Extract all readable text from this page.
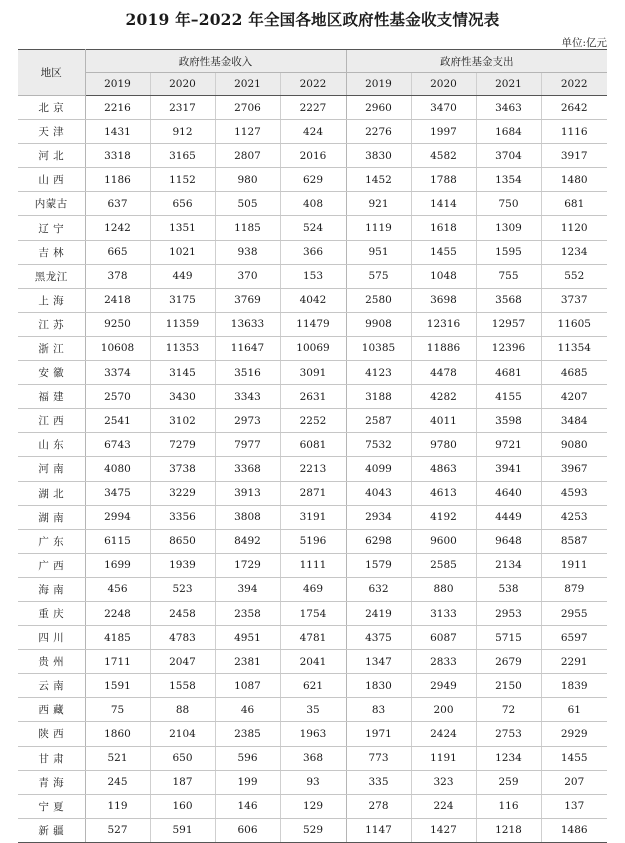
2019 年–2022 年全国各地区政府性基金收支情况表
单位:亿元
地区	政府性基金收入				政府性基金支出			
	2019	2020	2021	2022	2019	2020	2021	2022
北 京	2216	2317	2706	2227	2960	3470	3463	2642
天 津	1431	912	1127	424	2276	1997	1684	1116
河 北	3318	3165	2807	2016	3830	4582	3704	3917
山 西	1186	1152	980	629	1452	1788	1354	1480
内蒙古	637	656	505	408	921	1414	750	681
辽 宁	1242	1351	1185	524	1119	1618	1309	1120
吉 林	665	1021	938	366	951	1455	1595	1234
黑龙江	378	449	370	153	575	1048	755	552
上 海	2418	3175	3769	4042	2580	3698	3568	3737
江 苏	9250	11359	13633	11479	9908	12316	12957	11605
浙 江	10608	11353	11647	10069	10385	11886	12396	11354
安 徽	3374	3145	3516	3091	4123	4478	4681	4685
福 建	2570	3430	3343	2631	3188	4282	4155	4207
江 西	2541	3102	2973	2252	2587	4011	3598	3484
山 东	6743	7279	7977	6081	7532	9780	9721	9080
河 南	4080	3738	3368	2213	4099	4863	3941	3967
湖 北	3475	3229	3913	2871	4043	4613	4640	4593
湖 南	2994	3356	3808	3191	2934	4192	4449	4253
广 东	6115	8650	8492	5196	6298	9600	9648	8587
广 西	1699	1939	1729	1111	1579	2585	2134	1911
海 南	456	523	394	469	632	880	538	879
重 庆	2248	2458	2358	1754	2419	3133	2953	2955
四 川	4185	4783	4951	4781	4375	6087	5715	6597
贵 州	1711	2047	2381	2041	1347	2833	2679	2291
云 南	1591	1558	1087	621	1830	2949	2150	1839
西 藏	75	88	46	35	83	200	72	61
陕 西	1860	2104	2385	1963	1971	2424	2753	2929
甘 肃	521	650	596	368	773	1191	1234	1455
青 海	245	187	199	93	335	323	259	207
宁 夏	119	160	146	129	278	224	116	137
新 疆	527	591	606	529	1147	1427	1218	1486
